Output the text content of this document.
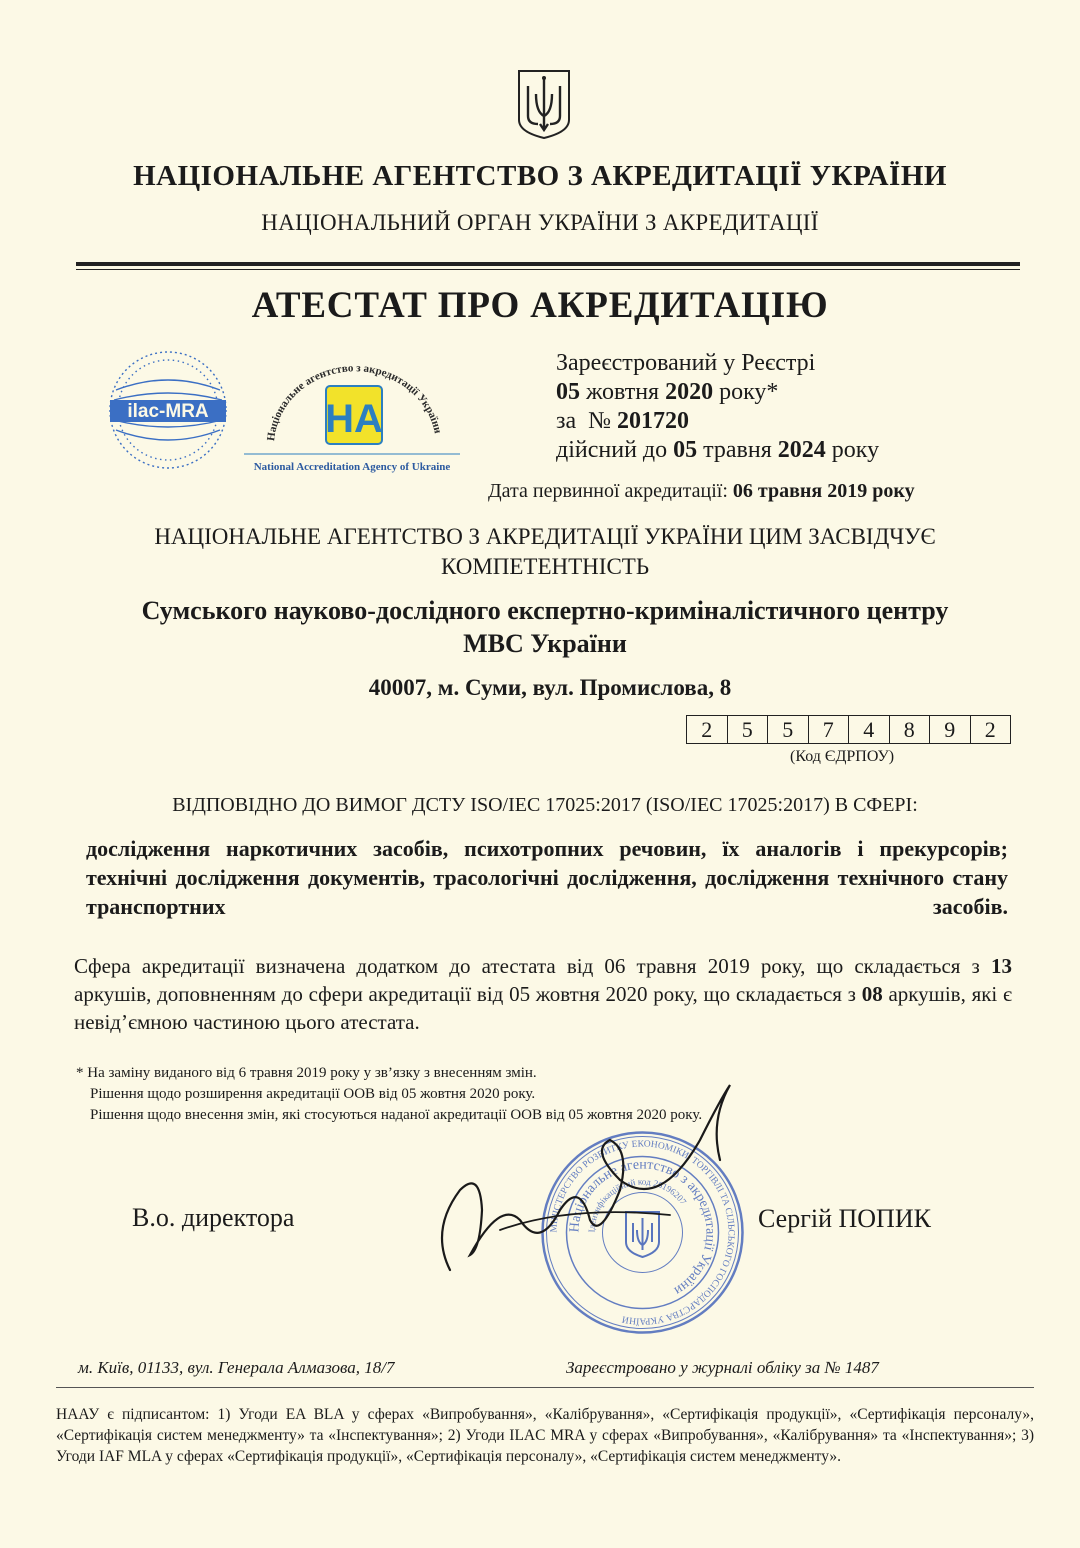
НАЦІОНАЛЬНЕ АГЕНТСТВО З АКРЕДИТАЦІЇ УКРАЇНИ
НАЦІОНАЛЬНИЙ ОРГАН УКРАЇНИ З АКРЕДИТАЦІЇ
АТЕСТАТ ПРО АКРЕДИТАЦІЮ
ilac-MRA
Національне агентство з акредитації України
НА
National Accreditation Agency of Ukraine
Зареєстрований у Реєстрі
05 жовтня 2020 року*
за  № 201720
дійсний до 05 травня 2024 року
Дата первинної акредитації: 06 травня 2019 року
НАЦІОНАЛЬНЕ АГЕНТСТВО З АКРЕДИТАЦІЇ УКРАЇНИ ЦИМ ЗАСВІДЧУЄ КОМПЕТЕНТНІСТЬ
Сумського науково-дослідного експертно-криміналістичного центру
МВС України
40007, м. Суми, вул. Промислова, 8
2	5	5	7	4	8	9	2
(Код ЄДРПОУ)
ВІДПОВІДНО ДО ВИМОГ ДСТУ ISO/IEC 17025:2017 (ISO/IEC 17025:2017) В СФЕРІ:
дослідження наркотичних засобів, психотропних речовин, їх аналогів і прекурсорів; технічні дослідження документів, трасологічні дослідження, дослідження технічного стану транспортних засобів.
Сфера акредитації визначена додатком до атестата від 06 травня 2019 року, що складається з 13 аркушів, доповненням до сфери акредитації від 05 жовтня 2020 року, що складається з 08 аркушів, які є невід’ємною частиною цього атестата.
* На заміну виданого від 6 травня 2019 року у зв’язку з внесенням змін.
Рішення щодо розширення акредитації ООВ від 05 жовтня 2020 року.
Рішення щодо внесення змін, які стосуються наданої акредитації ООВ від 05 жовтня 2020 року.
МІНІСТЕРСТВО РОЗВИТКУ ЕКОНОМІКИ, ТОРГІВЛІ ТА СІЛЬСЬКОГО ГОСПОДАРСТВА УКРАЇНИ
Національне агентство з акредитації України
Ідентифікаційний код 26196207
В.о. директора	Сергій ПОПИК
м. Київ, 01133, вул. Генерала Алмазова, 18/7	Зареєстровано у журналі обліку за № 1487
НААУ є підписантом: 1) Угоди EA BLA у сферах «Випробування», «Калібрування», «Сертифікація продукції», «Сертифікація персоналу», «Сертифікація систем менеджменту» та «Інспектування»; 2) Угоди ILAC MRA у сферах «Випробування», «Калібрування» та «Інспектування»; 3) Угоди IAF MLA у сферах «Сертифікація продукції», «Сертифікація персоналу», «Сертифікація систем менеджменту».
